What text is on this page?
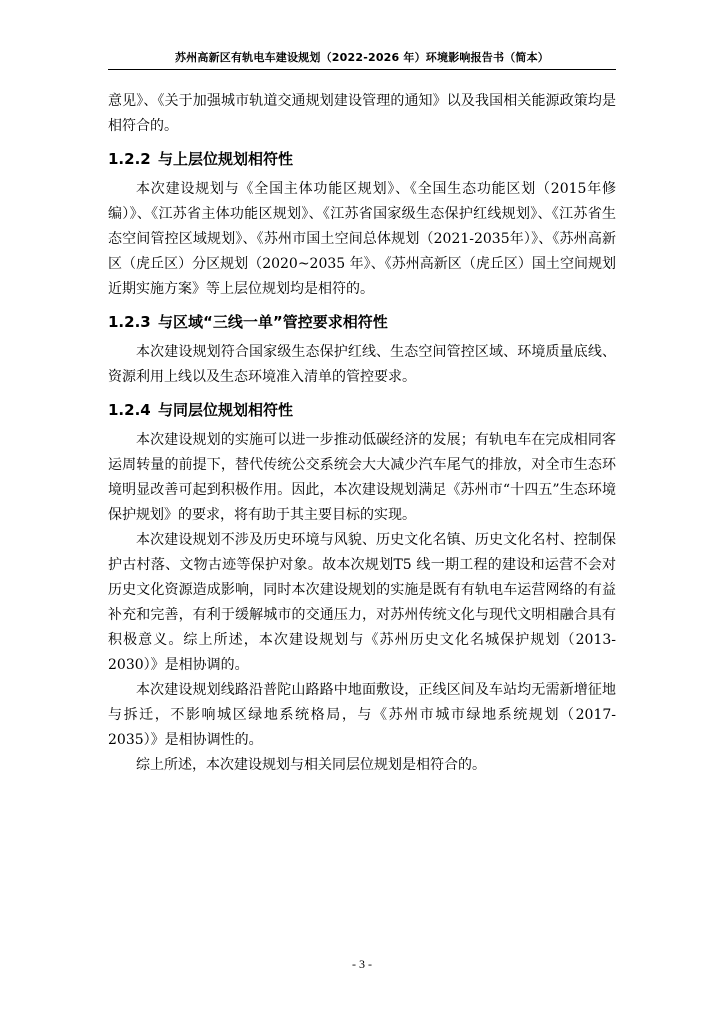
苏州高新区有轨电车建设规划（2022-2026 年）环境影响报告书（简本）

意见》、《关于加强城市轨道交通规划建设管理的通知》以及我国相关能源政策均是相符合的。

1.2.2 与上层位规划相符性

本次建设规划与《全国主体功能区规划》、《全国生态功能区划（2015年修编）》、《江苏省主体功能区规划》、《江苏省国家级生态保护红线规划》、《江苏省生态空间管控区域规划》、《苏州市国土空间总体规划（2021-2035年）》、《苏州高新区（虎丘区）分区规划（2020~2035 年》、《苏州高新区（虎丘区）国土空间规划近期实施方案》等上层位规划均是相符的。

1.2.3 与区域“三线一单”管控要求相符性

本次建设规划符合国家级生态保护红线、生态空间管控区域、环境质量底线、资源利用上线以及生态环境准入清单的管控要求。

1.2.4 与同层位规划相符性

本次建设规划的实施可以进一步推动低碳经济的发展；有轨电车在完成相同客运周转量的前提下，替代传统公交系统会大大减少汽车尾气的排放，对全市生态环境明显改善可起到积极作用。因此，本次建设规划满足《苏州市“十四五”生态环境保护规划》的要求，将有助于其主要目标的实现。

本次建设规划不涉及历史环境与风貌、历史文化名镇、历史文化名村、控制保护古村落、文物古迹等保护对象。故本次规划T5 线一期工程的建设和运营不会对历史文化资源造成影响，同时本次建设规划的实施是既有有轨电车运营网络的有益补充和完善，有利于缓解城市的交通压力，对苏州传统文化与现代文明相融合具有积极意义。综上所述，本次建设规划与《苏州历史文化名城保护规划（2013-2030）》是相协调的。

本次建设规划线路沿普陀山路路中地面敷设，正线区间及车站均无需新增征地与拆迁，不影响城区绿地系统格局，与《苏州市城市绿地系统规划（2017-2035）》是相协调性的。

综上所述，本次建设规划与相关同层位规划是相符合的。

- 3 -
